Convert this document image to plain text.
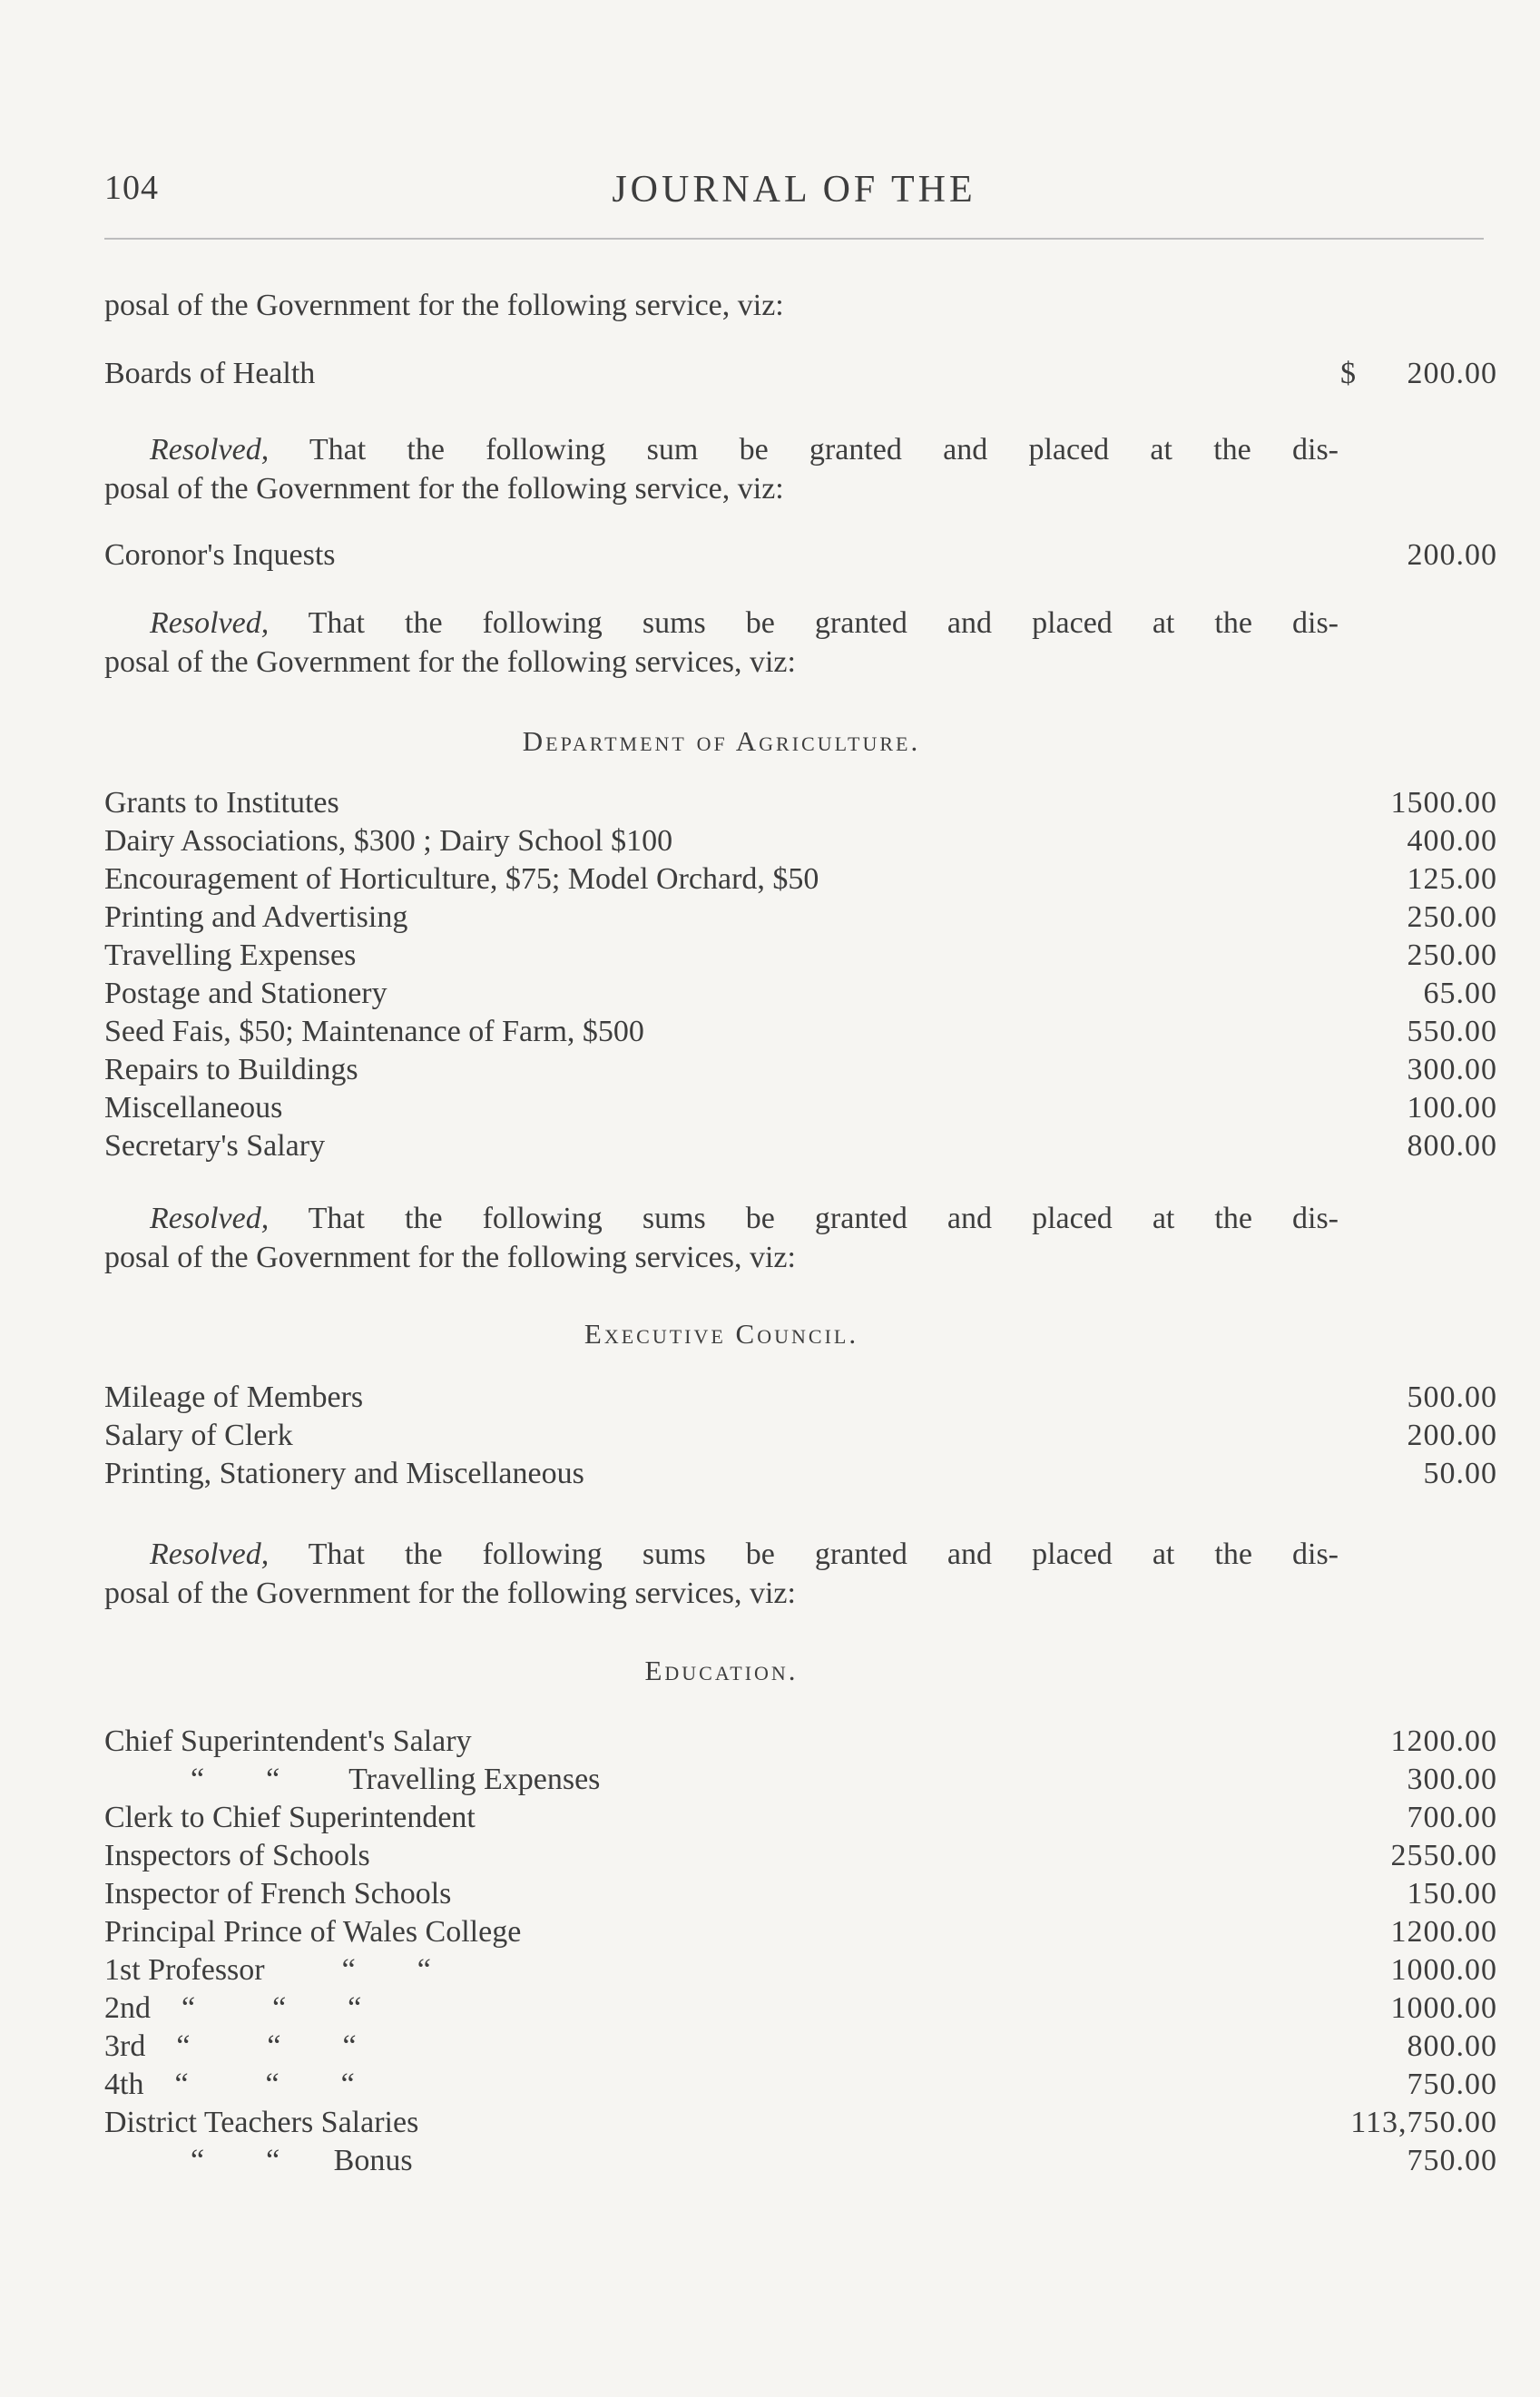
104	JOURNAL OF THE
posal of the Government for the following service, viz:
Boards of Health	$ 200.00
Resolved, That the following sum be granted and placed at the dis-
posal of the Government for the following service, viz:
Coronor's Inquests	200.00
Resolved, That the following sums be granted and placed at the dis-
posal of the Government for the following services, viz:
Department of Agriculture.
Grants to Institutes	1500.00
Dairy Associations, $300 ; Dairy School $100	400.00
Encouragement of Horticulture, $75; Model Orchard, $50	125.00
Printing and Advertising	250.00
Travelling Expenses	250.00
Postage and Stationery	65.00
Seed Fais, $50; Maintenance of Farm, $500	550.00
Repairs to Buildings	300.00
Miscellaneous	100.00
Secretary's Salary	800.00
Resolved, That the following sums be granted and placed at the dis-
posal of the Government for the following services, viz:
Executive Council.
Mileage of Members	500.00
Salary of Clerk	200.00
Printing, Stationery and Miscellaneous	50.00
Resolved, That the following sums be granted and placed at the dis-
posal of the Government for the following services, viz:
Education.
Chief Superintendent's Salary	1200.00
“        “         Travelling Expenses	300.00
Clerk to Chief Superintendent	700.00
Inspectors of Schools	2550.00
Inspector of French Schools	150.00
Principal Prince of Wales College	1200.00
1st Professor          “        “	1000.00
2nd    “          “        “	1000.00
3rd    “          “        “	800.00
4th    “          “        “	750.00
District Teachers Salaries	113,750.00
“        “       Bonus	750.00
